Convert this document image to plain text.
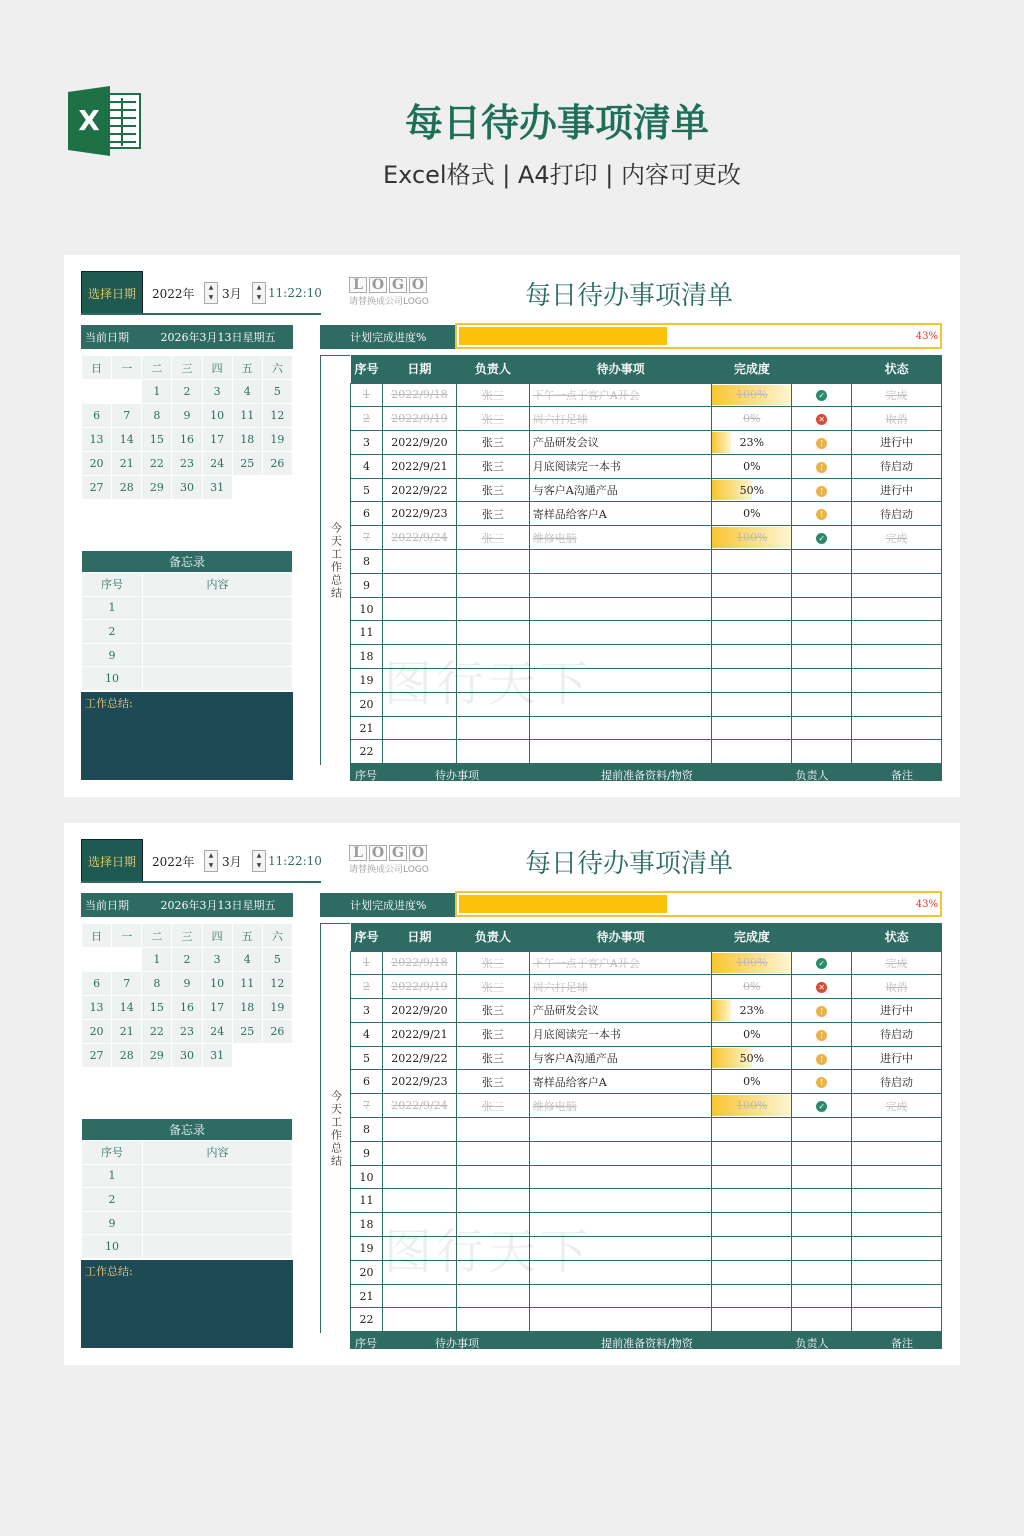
X	每日待办事项清单
Excel格式 | A4打印 | 内容可更改
选择日期	2022年	▲
▼ 3月	▲
▼ 11:22:10 L O G O
请替换成公司LOGO	每日待办事项清单
当前日期	2026年3月13日星期五
日	一	二	三	四	五	六
		1	2	3	4	5
6	7	8	9	10	11	12
13	14	15	16	17	18	19
20	21	22	23	24	25	26
27	28	29	30	31		
备忘录	
序号	内容
1	
2	
9	
10	
工作总结:
计划完成进度%	43%
今天工作总结
序号	日期	负责人	待办事项	完成度		状态
1	2022/9/18	张三	下午一点于客户A开会	100%	✓	完成
2	2022/9/19	张三	周六打足球	0%	✕	取消
3	2022/9/20	张三	产品研发会议	23%	!	进行中
4	2022/9/21	张三	月底阅读完一本书	0%	!	待启动
5	2022/9/22	张三	与客户A沟通产品	50%	!	进行中
6	2022/9/23	张三	寄样品给客户A	0%	!	待启动
7	2022/9/24	张三	维修电脑	100%	✓	完成
8						
9						
10						
11						
18						
19						
20						
21						
22						
序号	待办事项	提前准备资料/物资	负责人	备注
图行天下
选择日期	2022年	▲
▼ 3月	▲
▼ 11:22:10 L O G O
请替换成公司LOGO	每日待办事项清单
当前日期	2026年3月13日星期五
日	一	二	三	四	五	六
		1	2	3	4	5
6	7	8	9	10	11	12
13	14	15	16	17	18	19
20	21	22	23	24	25	26
27	28	29	30	31		
备忘录	
序号	内容
1	
2	
9	
10	
工作总结:
计划完成进度%	43%
今天工作总结
序号	日期	负责人	待办事项	完成度		状态
1	2022/9/18	张三	下午一点于客户A开会	100%	✓	完成
2	2022/9/19	张三	周六打足球	0%	✕	取消
3	2022/9/20	张三	产品研发会议	23%	!	进行中
4	2022/9/21	张三	月底阅读完一本书	0%	!	待启动
5	2022/9/22	张三	与客户A沟通产品	50%	!	进行中
6	2022/9/23	张三	寄样品给客户A	0%	!	待启动
7	2022/9/24	张三	维修电脑	100%	✓	完成
8						
9						
10						
11						
18						
19						
20						
21						
22						
序号	待办事项	提前准备资料/物资	负责人	备注
图行天下
